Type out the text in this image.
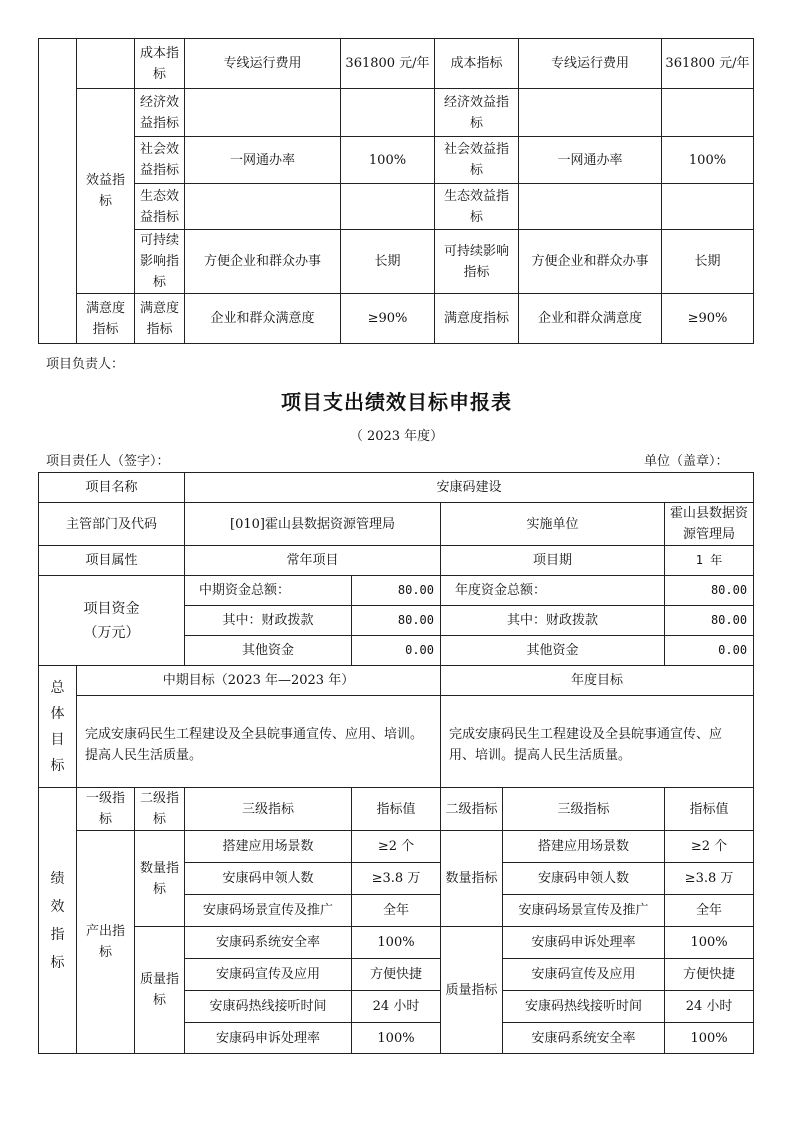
		成本指标	专线运行费用	361800 元/年	成本指标	专线运行费用	361800 元/年
	效益指标	经济效益指标			经济效益指标		
		社会效益指标	一网通办率	100%	社会效益指标	一网通办率	100%
		生态效益指标			生态效益指标		
		可持续影响指标	方便企业和群众办事	长期	可持续影响指标	方便企业和群众办事	长期
	满意度指标	满意度指标	企业和群众满意度	≥90%	满意度指标	企业和群众满意度	≥90%
项目负责人：
项目支出绩效目标申报表
（ 2023 年度）
项目责任人（签字）：	单位（盖章）：
项目名称			安康码建设				
主管部门及代码			[010]霍山县数据资源管理局		实施单位		霍山县数据资源管理局
项目属性			常年项目		项目期		1 年

项目资金（万元）			中期资金总额：	80.00	年度资金总额：		80.00
			其中：财政拨款	80.00	其中：财政拨款		80.00
			其他资金	0.00	其他资金		0.00

总体目标	中期目标（2023 年—2023 年）				年度目标		
	完成安康码民生工程建设及全县皖事通宣传、应用、培训。提高人民生活质量。				完成安康码民生工程建设及全县皖事通宣传、应用、培训。提高人民生活质量。		

绩效指标	一级指标	二级指标	三级指标	指标值	二级指标	三级指标	指标值
	产出指标	数量指标	搭建应用场景数	≥2 个	数量指标	搭建应用场景数	≥2 个
			安康码申领人数	≥3.8 万		安康码申领人数	≥3.8 万
			安康码场景宣传及推广	全年		安康码场景宣传及推广	全年
		质量指标	安康码系统安全率	100%	质量指标	安康码申诉处理率	100%
			安康码宣传及应用	方便快捷		安康码宣传及应用	方便快捷
			安康码热线接听时间	24 小时		安康码热线接听时间	24 小时
			安康码申诉处理率	100%		安康码系统安全率	100%
